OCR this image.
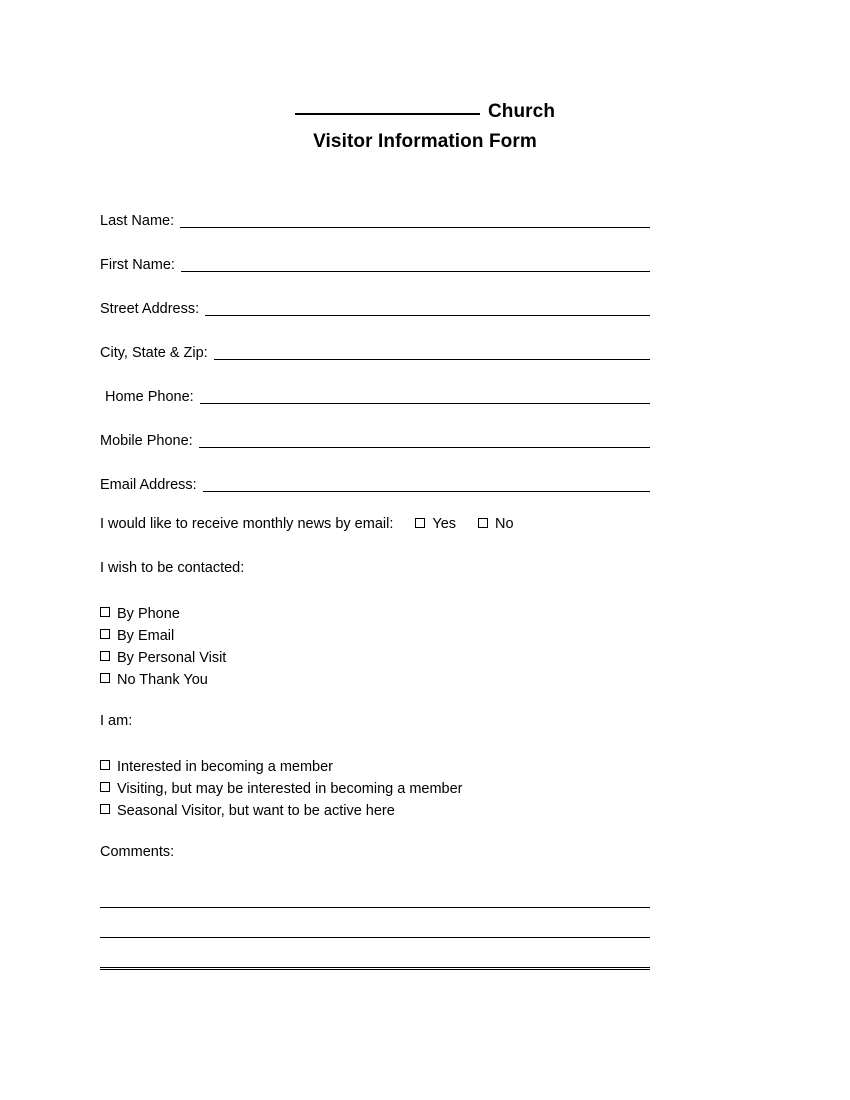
Church
Visitor Information Form
Last Name:
First Name:
Street Address:
City, State & Zip:
Home Phone:
Mobile Phone:
Email Address:
I would like to receive monthly news by email:	Yes	No
I wish to be contacted:
By Phone
By Email
By Personal Visit
No Thank You
I am:
Interested in becoming a member
Visiting, but may be interested in becoming a member
Seasonal Visitor, but want to be active here
Comments:
